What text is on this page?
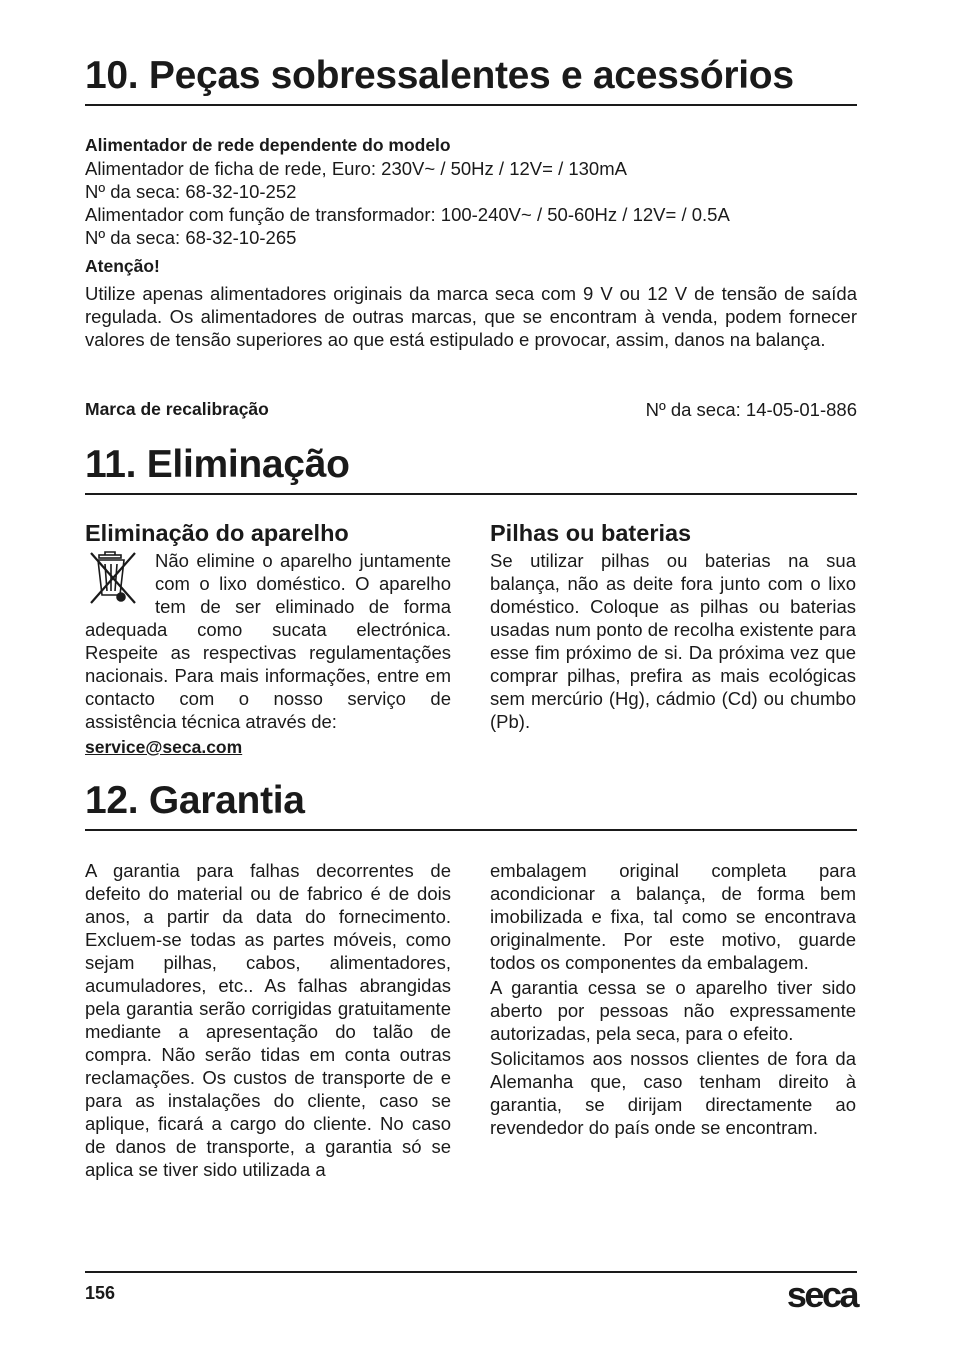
10. Peças sobressalentes e acessórios

Alimentador de rede dependente do modelo

Alimentador de ficha de rede, Euro: 230V~ / 50Hz / 12V= / 130mA

Nº da seca: 68-32-10-252

Alimentador com função de transformador: 100-240V~ / 50-60Hz / 12V= / 0.5A

Nº da seca: 68-32-10-265

Atenção!

Utilize apenas alimentadores originais da marca seca com 9 V ou 12 V de tensão de saída regulada. Os alimentadores de outras marcas, que se encontram à venda, podem fornecer valores de tensão superiores ao que está estipulado e provocar, assim, danos na balança.

Marca de recalibração	Nº da seca: 14-05-01-886
11. Eliminação
Eliminação do aparelho
Não elimine o aparelho juntamente com o lixo doméstico. O aparelho tem de ser eliminado de forma adequada como sucata electrónica. Respeite as respectivas regulamentações nacionais. Para mais informações, entre em contacto com o nosso serviço de assistência técnica através de:
service@seca.com
Pilhas ou baterias
Se utilizar pilhas ou baterias na sua balança, não as deite fora junto com o lixo doméstico. Coloque as pilhas ou baterias usadas num ponto de recolha existente para esse fim próximo de si. Da próxima vez que comprar pilhas, prefira as mais ecológicas sem mercúrio (Hg), cádmio (Cd) ou chumbo (Pb).
12. Garantia
A garantia para falhas decorrentes de defeito do material ou de fabrico é de dois anos, a partir da data do fornecimento. Excluem-se todas as partes móveis, como sejam pilhas, cabos, alimentadores, acumuladores, etc.. As falhas abrangidas pela garantia serão corrigidas gratuitamente mediante a apresentação do talão de compra. Não serão tidas em conta outras reclamações. Os custos de transporte de e para as instalações do cliente, caso se aplique, ficará a cargo do cliente. No caso de danos de transporte, a garantia só se aplica se tiver sido utilizada a

embalagem original completa para acondicionar a balança, de forma bem imobilizada e fixa, tal como se encontrava originalmente. Por este motivo, guarde todos os componentes da embalagem.

A garantia cessa se o aparelho tiver sido aberto por pessoas não expressamente autorizadas, pela seca, para o efeito.

Solicitamos aos nossos clientes de fora da Alemanha que, caso tenham direito à garantia, se dirijam directamente ao revendedor do país onde se encontram.

156	seca
